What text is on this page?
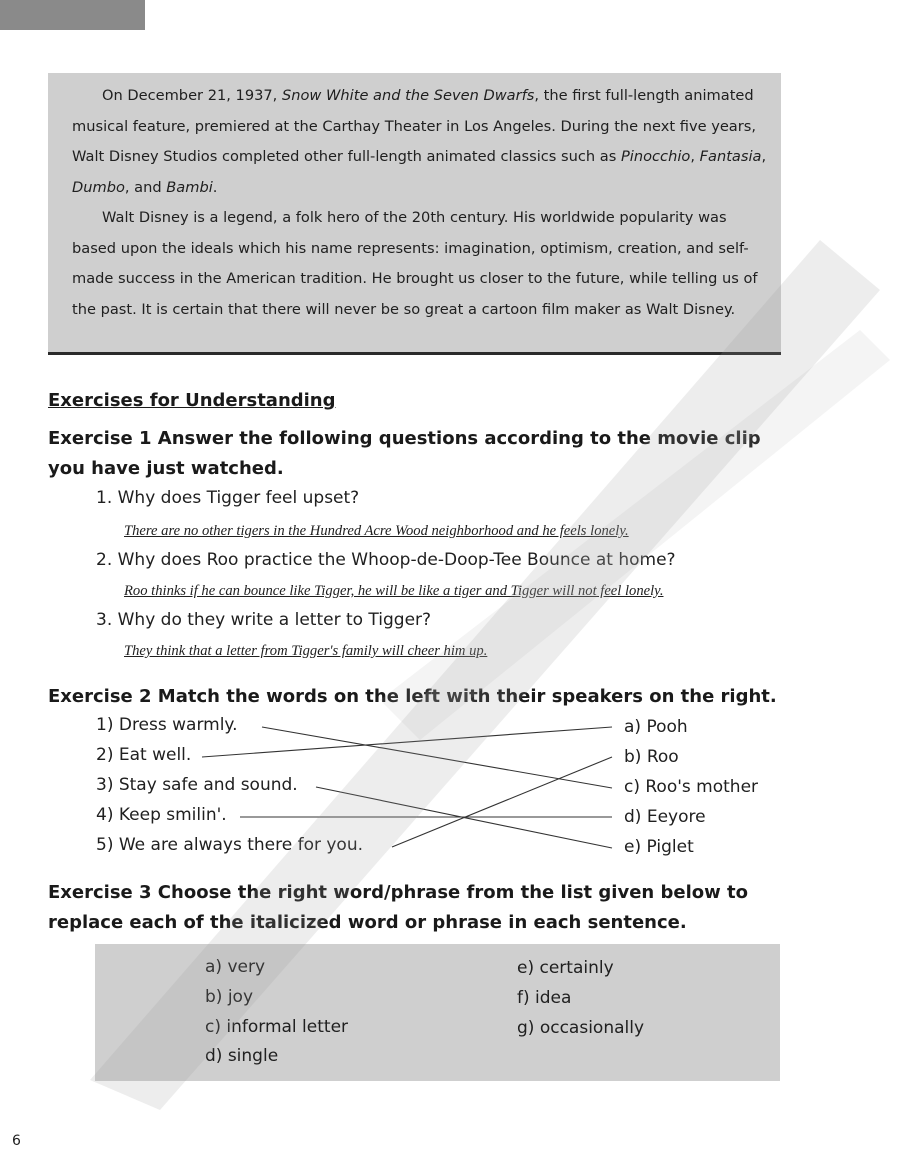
On December 21, 1937, Snow White and the Seven Dwarfs, the first full-length animated musical feature, premiered at the Carthay Theater in Los Angeles. During the next five years, Walt Disney Studios completed other full-length animated classics such as Pinocchio, Fantasia, Dumbo, and Bambi.

Walt Disney is a legend, a folk hero of the 20th century. His worldwide popularity was based upon the ideals which his name represents: imagination, optimism, creation, and self-made success in the American tradition. He brought us closer to the future, while telling us of the past. It is certain that there will never be so great a cartoon film maker as Walt Disney.

Exercises for Understanding
Exercise 1 Answer the following questions according to the movie clip you have just watched.

1. Why does Tigger feel upset?

There are no other tigers in the Hundred Acre Wood neighborhood and he feels lonely.

2. Why does Roo practice the Whoop-de-Doop-Tee Bounce at home?

Roo thinks if he can bounce like Tigger, he will be like a tiger and Tigger will not feel lonely.

3. Why do they write a letter to Tigger?

They think that a letter from Tigger's family will cheer him up.

Exercise 2 Match the words on the left with their speakers on the right.

1) Dress warmly.

2) Eat well.

3) Stay safe and sound.

4) Keep smilin'.

5) We are always there for you.

a) Pooh

b) Roo

c) Roo's mother

d) Eeyore

e) Piglet

Exercise 3 Choose the right word/phrase from the list given below to replace each of the italicized word or phrase in each sentence.

a) very

b) joy

c) informal letter

d) single

e) certainly

f) idea

g) occasionally

6
